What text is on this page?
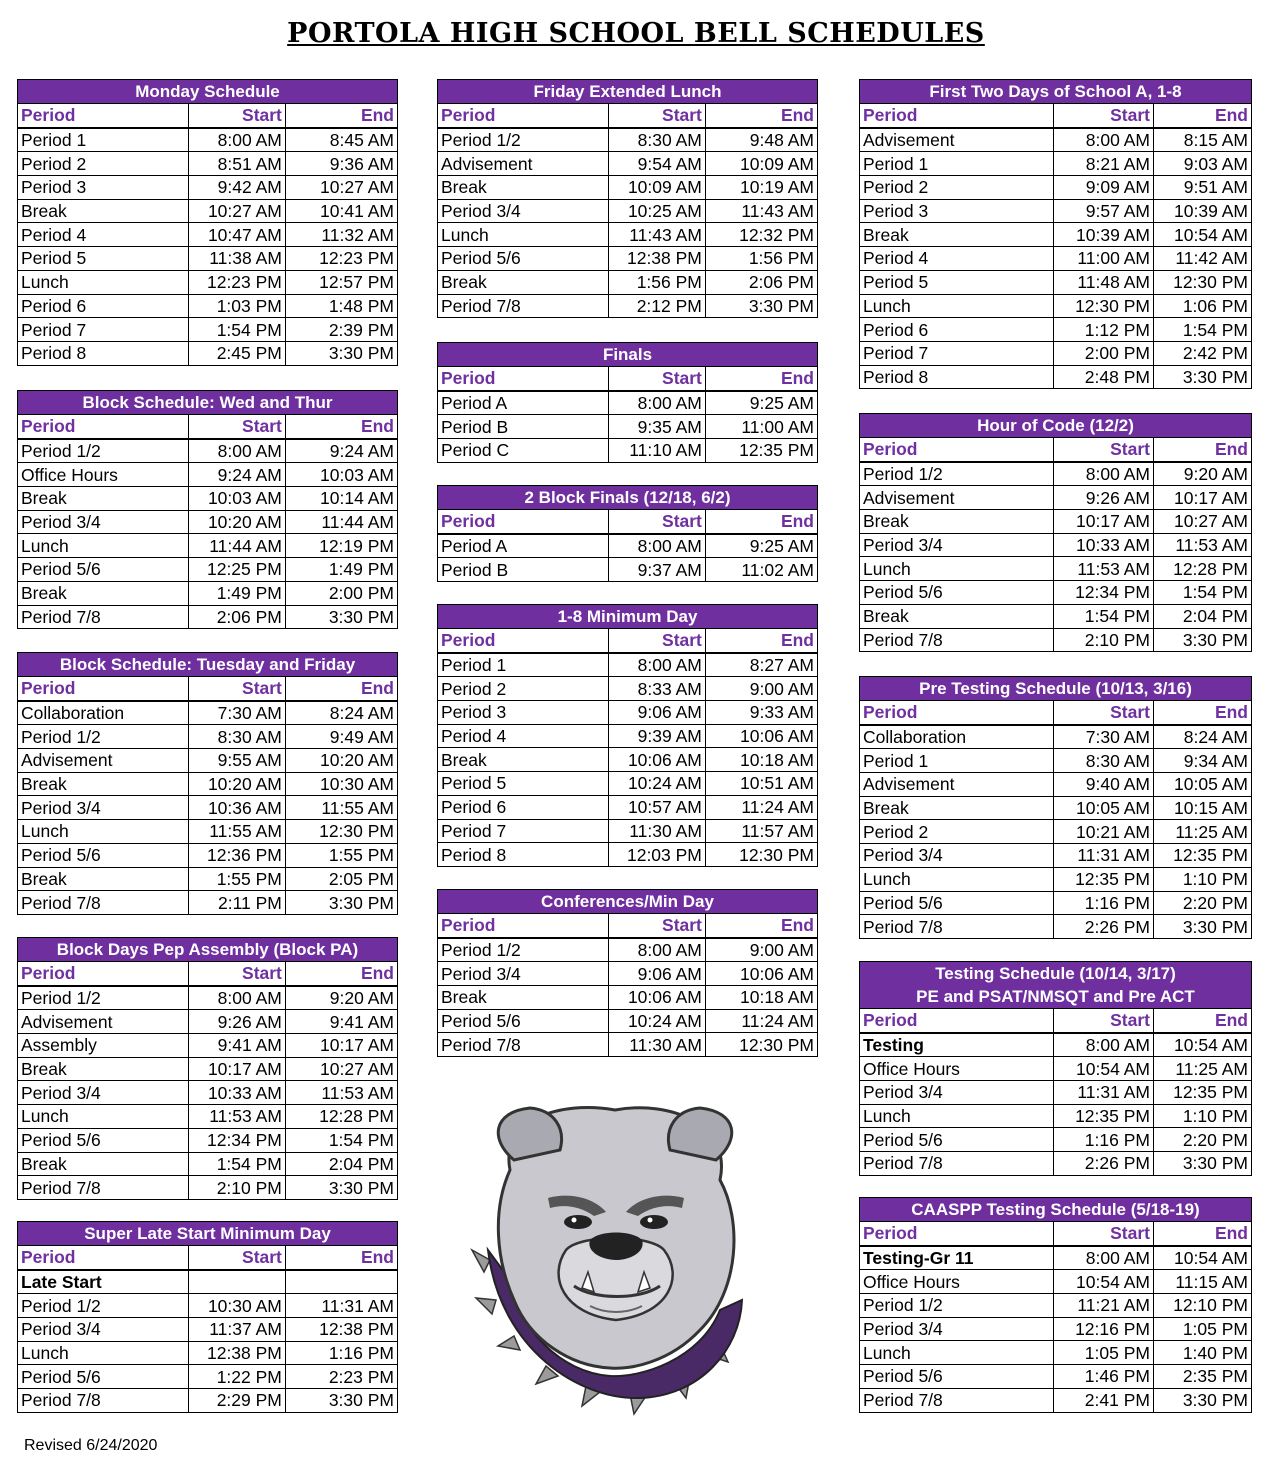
PORTOLA HIGH SCHOOL BELL SCHEDULES
Monday Schedule
Period	Start	End
Period 1	8:00 AM	8:45 AM
Period 2	8:51 AM	9:36 AM
Period 3	9:42 AM	10:27 AM
Break	10:27 AM	10:41 AM
Period 4	10:47 AM	11:32 AM
Period 5	11:38 AM	12:23 PM
Lunch	12:23 PM	12:57 PM
Period 6	1:03 PM	1:48 PM
Period 7	1:54 PM	2:39 PM
Period 8	2:45 PM	3:30 PM
Block Schedule: Wed and Thur
Period	Start	End
Period 1/2	8:00 AM	9:24 AM
Office Hours	9:24 AM	10:03 AM
Break	10:03 AM	10:14 AM
Period 3/4	10:20 AM	11:44 AM
Lunch	11:44 AM	12:19 PM
Period 5/6	12:25 PM	1:49 PM
Break	1:49 PM	2:00 PM
Period 7/8	2:06 PM	3:30 PM
Block Schedule: Tuesday and Friday
Period	Start	End
Collaboration	7:30 AM	8:24 AM
Period 1/2	8:30 AM	9:49 AM
Advisement	9:55 AM	10:20 AM
Break	10:20 AM	10:30 AM
Period 3/4	10:36 AM	11:55 AM
Lunch	11:55 AM	12:30 PM
Period 5/6	12:36 PM	1:55 PM
Break	1:55 PM	2:05 PM
Period 7/8	2:11 PM	3:30 PM
Block Days Pep Assembly (Block PA)
Period	Start	End
Period 1/2	8:00 AM	9:20 AM
Advisement	9:26 AM	9:41 AM
Assembly	9:41 AM	10:17 AM
Break	10:17 AM	10:27 AM
Period 3/4	10:33 AM	11:53 AM
Lunch	11:53 AM	12:28 PM
Period 5/6	12:34 PM	1:54 PM
Break	1:54 PM	2:04 PM
Period 7/8	2:10 PM	3:30 PM
Super Late Start Minimum Day
Period	Start	End
Late Start		
Period 1/2	10:30 AM	11:31 AM
Period 3/4	11:37 AM	12:38 PM
Lunch	12:38 PM	1:16 PM
Period 5/6	1:22 PM	2:23 PM
Period 7/8	2:29 PM	3:30 PM
Friday Extended Lunch
Period	Start	End
Period 1/2	8:30 AM	9:48 AM
Advisement	9:54 AM	10:09 AM
Break	10:09 AM	10:19 AM
Period 3/4	10:25 AM	11:43 AM
Lunch	11:43 AM	12:32 PM
Period 5/6	12:38 PM	1:56 PM
Break	1:56 PM	2:06 PM
Period 7/8	2:12 PM	3:30 PM
Finals
Period	Start	End
Period A	8:00 AM	9:25 AM
Period B	9:35 AM	11:00 AM
Period C	11:10 AM	12:35 PM
2 Block Finals (12/18, 6/2)
Period	Start	End
Period A	8:00 AM	9:25 AM
Period B	9:37 AM	11:02 AM
1-8 Minimum Day
Period	Start	End
Period 1	8:00 AM	8:27 AM
Period 2	8:33 AM	9:00 AM
Period 3	9:06 AM	9:33 AM
Period 4	9:39 AM	10:06 AM
Break	10:06 AM	10:18 AM
Period 5	10:24 AM	10:51 AM
Period 6	10:57 AM	11:24 AM
Period 7	11:30 AM	11:57 AM
Period 8	12:03 PM	12:30 PM
Conferences/Min Day
Period	Start	End
Period 1/2	8:00 AM	9:00 AM
Period 3/4	9:06 AM	10:06 AM
Break	10:06 AM	10:18 AM
Period 5/6	10:24 AM	11:24 AM
Period 7/8	11:30 AM	12:30 PM
First Two Days of School A, 1-8
Period	Start	End
Advisement	8:00 AM	8:15 AM
Period 1	8:21 AM	9:03 AM
Period 2	9:09 AM	9:51 AM
Period 3	9:57 AM	10:39 AM
Break	10:39 AM	10:54 AM
Period 4	11:00 AM	11:42 AM
Period 5	11:48 AM	12:30 PM
Lunch	12:30 PM	1:06 PM
Period 6	1:12 PM	1:54 PM
Period 7	2:00 PM	2:42 PM
Period 8	2:48 PM	3:30 PM
Hour of Code (12/2)
Period	Start	End
Period 1/2	8:00 AM	9:20 AM
Advisement	9:26 AM	10:17 AM
Break	10:17 AM	10:27 AM
Period 3/4	10:33 AM	11:53 AM
Lunch	11:53 AM	12:28 PM
Period 5/6	12:34 PM	1:54 PM
Break	1:54 PM	2:04 PM
Period 7/8	2:10 PM	3:30 PM
Pre Testing Schedule (10/13, 3/16)
Period	Start	End
Collaboration	7:30 AM	8:24 AM
Period 1	8:30 AM	9:34 AM
Advisement	9:40 AM	10:05 AM
Break	10:05 AM	10:15 AM
Period 2	10:21 AM	11:25 AM
Period 3/4	11:31 AM	12:35 PM
Lunch	12:35 PM	1:10 PM
Period 5/6	1:16 PM	2:20 PM
Period 7/8	2:26 PM	3:30 PM
Testing Schedule (10/14, 3/17)
PE and PSAT/NMSQT and Pre ACT
Period	Start	End
Testing	8:00 AM	10:54 AM
Office Hours	10:54 AM	11:25 AM
Period 3/4	11:31 AM	12:35 PM
Lunch	12:35 PM	1:10 PM
Period 5/6	1:16 PM	2:20 PM
Period 7/8	2:26 PM	3:30 PM
CAASPP Testing Schedule (5/18-19)
Period	Start	End
Testing-Gr 11	8:00 AM	10:54 AM
Office Hours	10:54 AM	11:15 AM
Period 1/2	11:21 AM	12:10 PM
Period 3/4	12:16 PM	1:05 PM
Lunch	1:05 PM	1:40 PM
Period 5/6	1:46 PM	2:35 PM
Period 7/8	2:41 PM	3:30 PM
Revised 6/24/2020
